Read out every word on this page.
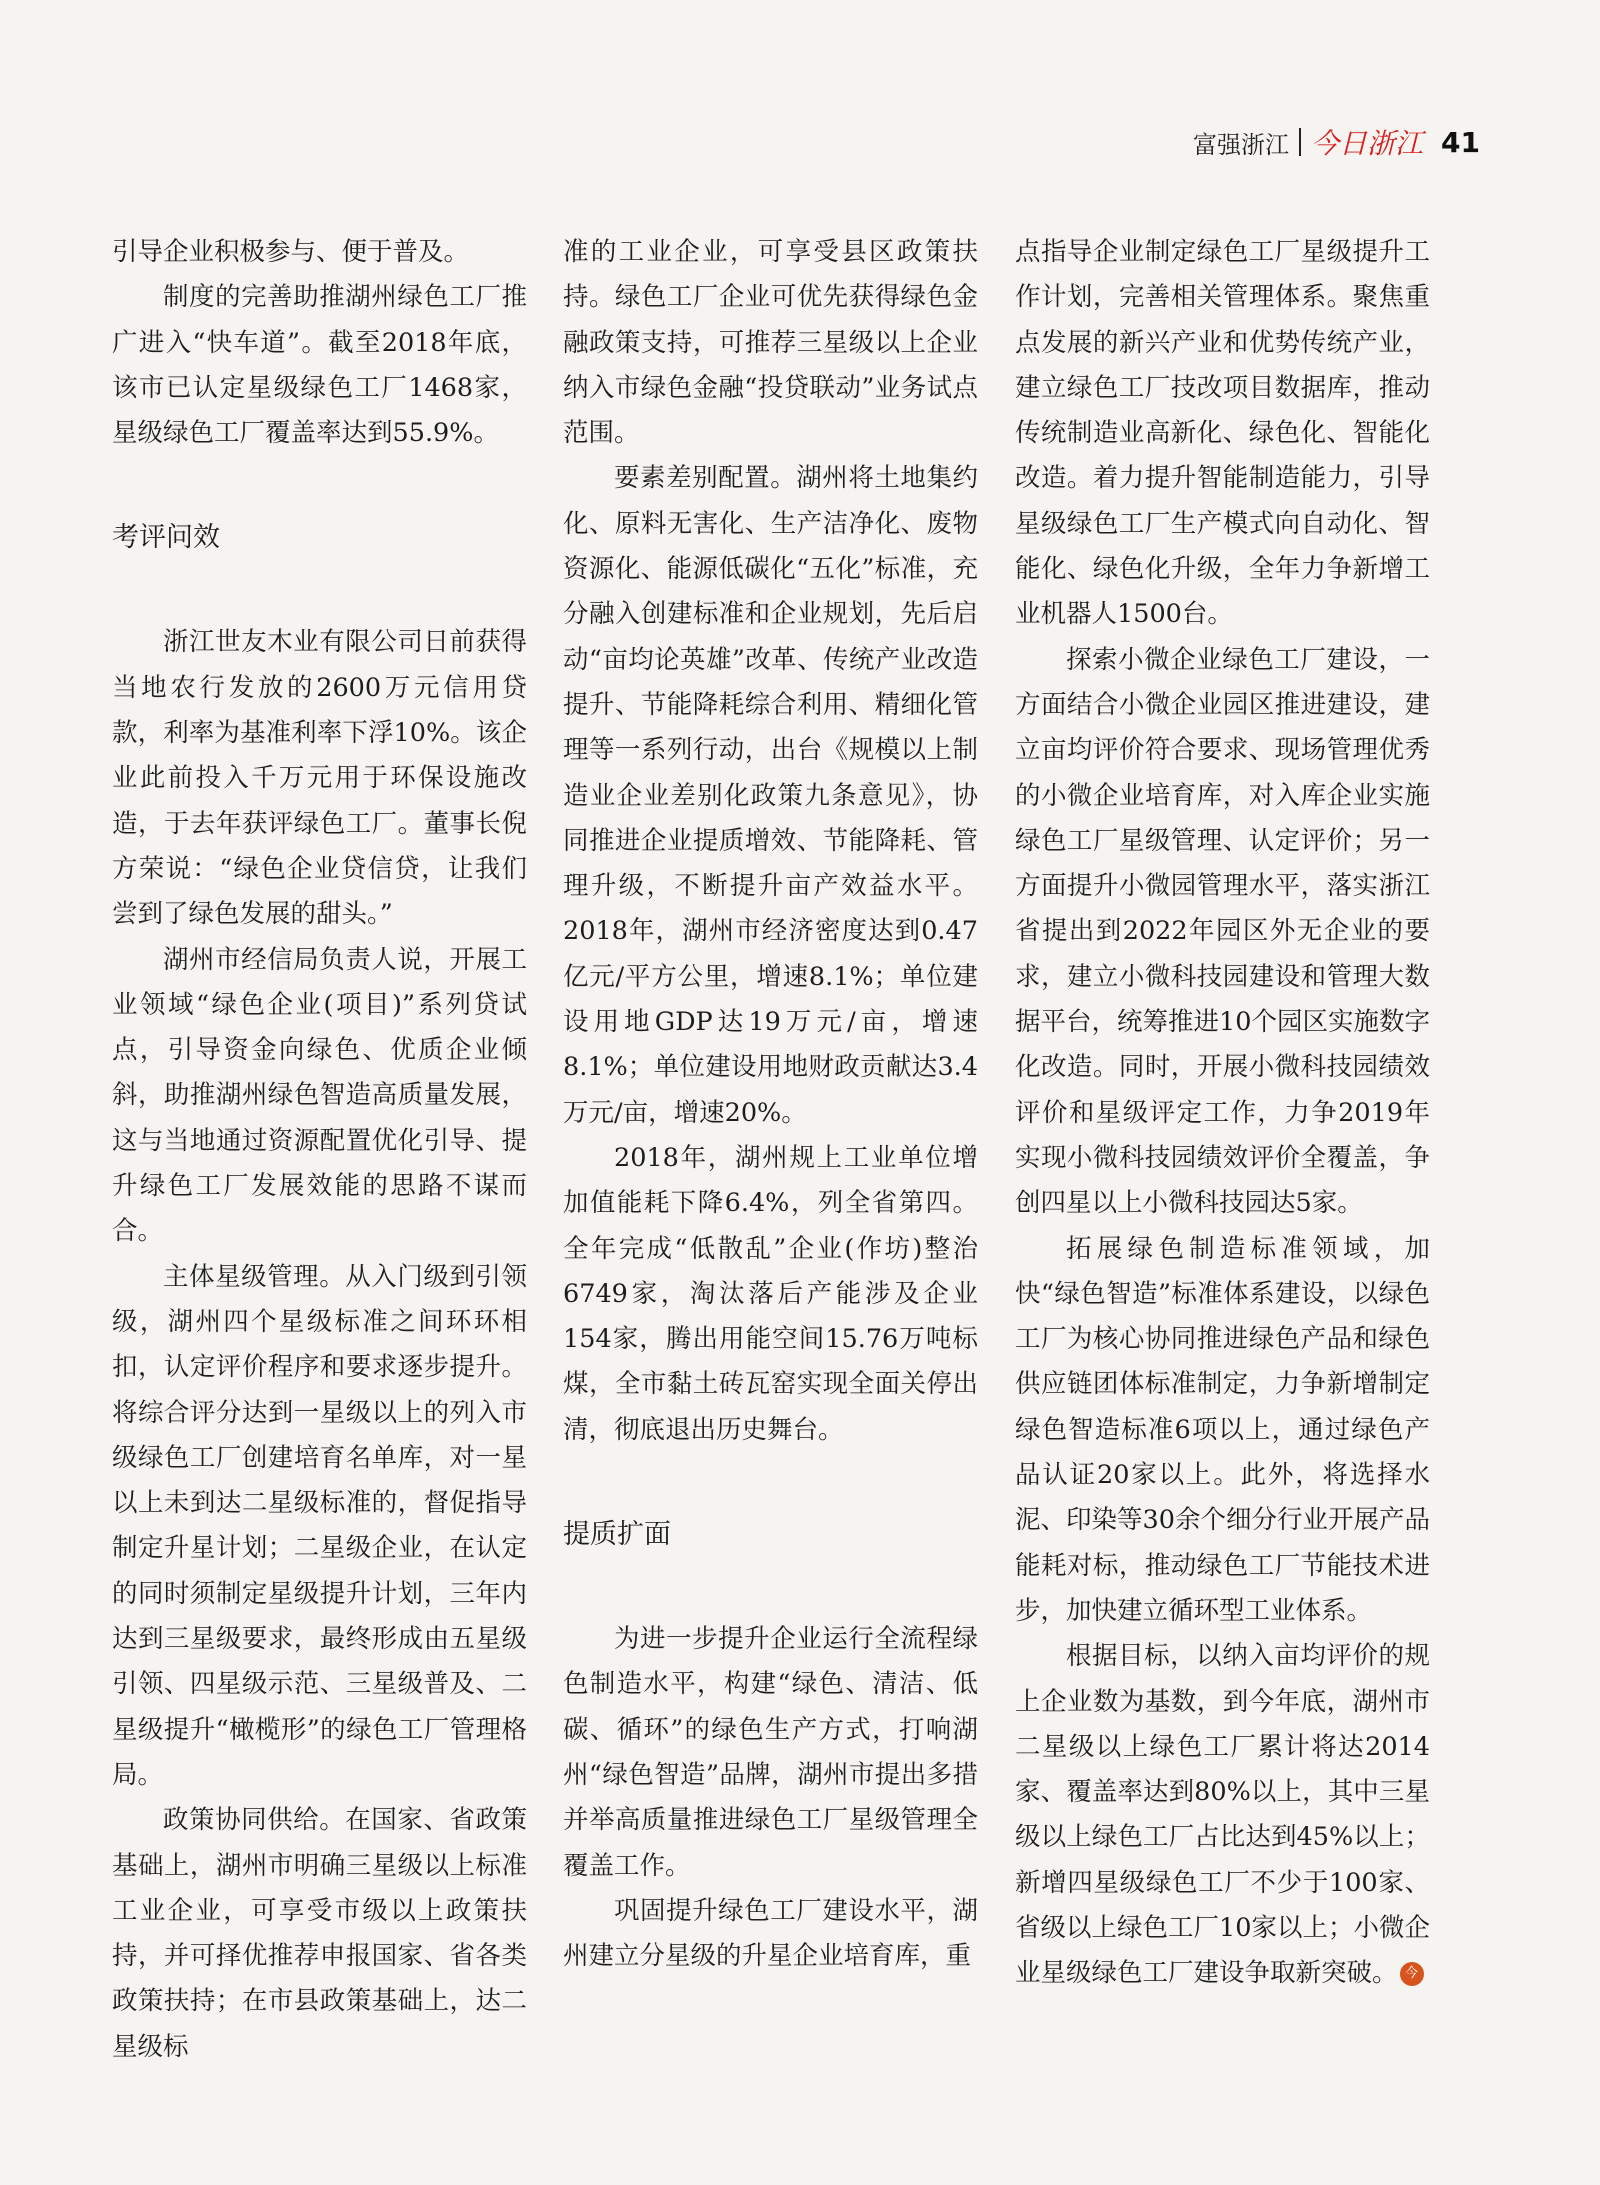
富强浙江 今日浙江 41

引导企业积极参与、便于普及。

制度的完善助推湖州绿色工厂推广进入“快车道”。截至2018年底，该市已认定星级绿色工厂1468家，星级绿色工厂覆盖率达到55.9%。

考评问效

浙江世友木业有限公司日前获得当地农行发放的2600万元信用贷款，利率为基准利率下浮10%。该企业此前投入千万元用于环保设施改造，于去年获评绿色工厂。董事长倪方荣说：“绿色企业贷信贷，让我们尝到了绿色发展的甜头。”

湖州市经信局负责人说，开展工业领域“绿色企业(项目)”系列贷试点，引导资金向绿色、优质企业倾斜，助推湖州绿色智造高质量发展，这与当地通过资源配置优化引导、提升绿色工厂发展效能的思路不谋而合。

主体星级管理。从入门级到引领级，湖州四个星级标准之间环环相扣，认定评价程序和要求逐步提升。将综合评分达到一星级以上的列入市级绿色工厂创建培育名单库，对一星以上未到达二星级标准的，督促指导制定升星计划；二星级企业，在认定的同时须制定星级提升计划，三年内达到三星级要求，最终形成由五星级引领、四星级示范、三星级普及、二星级提升“橄榄形”的绿色工厂管理格局。

政策协同供给。在国家、省政策基础上，湖州市明确三星级以上标准工业企业，可享受市级以上政策扶持，并可择优推荐申报国家、省各类政策扶持；在市县政策基础上，达二星级标

准的工业企业，可享受县区政策扶持。绿色工厂企业可优先获得绿色金融政策支持，可推荐三星级以上企业纳入市绿色金融“投贷联动”业务试点范围。

要素差别配置。湖州将土地集约化、原料无害化、生产洁净化、废物资源化、能源低碳化“五化”标准，充分融入创建标准和企业规划，先后启动“亩均论英雄”改革、传统产业改造提升、节能降耗综合利用、精细化管理等一系列行动，出台《规模以上制造业企业差别化政策九条意见》，协同推进企业提质增效、节能降耗、管理升级，不断提升亩产效益水平。2018年，湖州市经济密度达到0.47亿元/平方公里，增速8.1%；单位建设用地GDP达19万元/亩，增速8.1%；单位建设用地财政贡献达3.4万元/亩，增速20%。

2018年，湖州规上工业单位增加值能耗下降6.4%，列全省第四。全年完成“低散乱”企业(作坊)整治6749家，淘汰落后产能涉及企业154家，腾出用能空间15.76万吨标煤，全市黏土砖瓦窑实现全面关停出清，彻底退出历史舞台。

提质扩面

为进一步提升企业运行全流程绿色制造水平，构建“绿色、清洁、低碳、循环”的绿色生产方式，打响湖州“绿色智造”品牌，湖州市提出多措并举高质量推进绿色工厂星级管理全覆盖工作。

巩固提升绿色工厂建设水平，湖州建立分星级的升星企业培育库，重

点指导企业制定绿色工厂星级提升工作计划，完善相关管理体系。聚焦重点发展的新兴产业和优势传统产业，建立绿色工厂技改项目数据库，推动传统制造业高新化、绿色化、智能化改造。着力提升智能制造能力，引导星级绿色工厂生产模式向自动化、智能化、绿色化升级，全年力争新增工业机器人1500台。

探索小微企业绿色工厂建设，一方面结合小微企业园区推进建设，建立亩均评价符合要求、现场管理优秀的小微企业培育库，对入库企业实施绿色工厂星级管理、认定评价；另一方面提升小微园管理水平，落实浙江省提出到2022年园区外无企业的要求，建立小微科技园建设和管理大数据平台，统筹推进10个园区实施数字化改造。同时，开展小微科技园绩效评价和星级评定工作，力争2019年实现小微科技园绩效评价全覆盖，争创四星以上小微科技园达5家。

拓展绿色制造标准领域，加快“绿色智造”标准体系建设，以绿色工厂为核心协同推进绿色产品和绿色供应链团体标准制定，力争新增制定绿色智造标准6项以上，通过绿色产品认证20家以上。此外，将选择水泥、印染等30余个细分行业开展产品能耗对标，推动绿色工厂节能技术进步，加快建立循环型工业体系。

根据目标，以纳入亩均评价的规上企业数为基数，到今年底，湖州市二星级以上绿色工厂累计将达2014家、覆盖率达到80%以上，其中三星级以上绿色工厂占比达到45%以上；新增四星级绿色工厂不少于100家、省级以上绿色工厂10家以上；小微企业星级绿色工厂建设争取新突破。 今
